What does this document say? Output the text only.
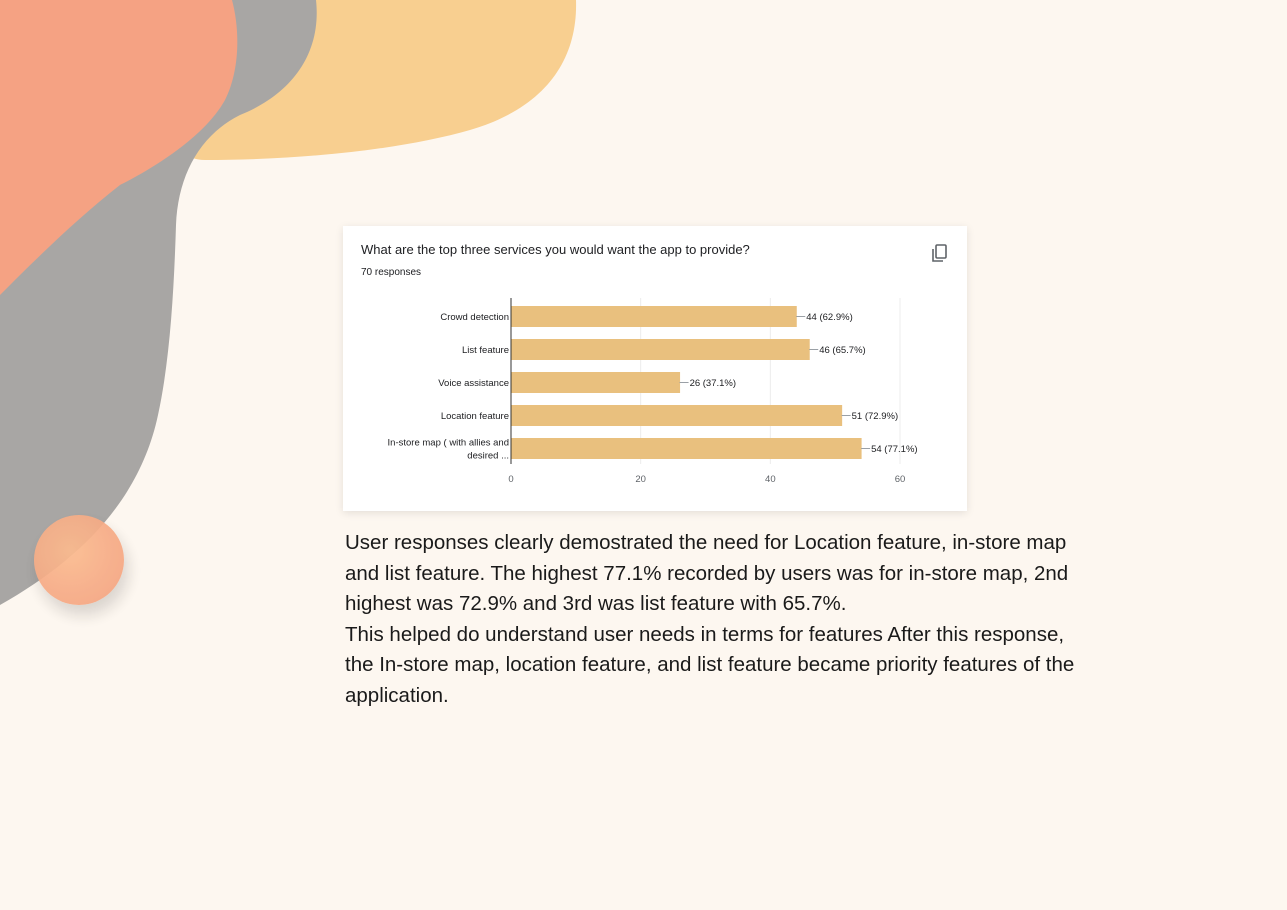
What are the top three services you would want the app to provide?
70 responses
0	20	40	60
Crowd detection	44 (62.9%)
List feature	46 (65.7%)
Voice assistance	26 (37.1%)
Location feature	51 (72.9%)
In-store map ( with allies and
desired ...
54 (77.1%)

User responses clearly demostrated the need for Location feature, in-store map and list feature. The highest 77.1% recorded by users was for in-store map, 2nd highest was 72.9% and 3rd was list feature with 65.7%.

This helped do understand user needs in terms for features After this response, the In-store map, location feature, and list feature became priority features of the application.
